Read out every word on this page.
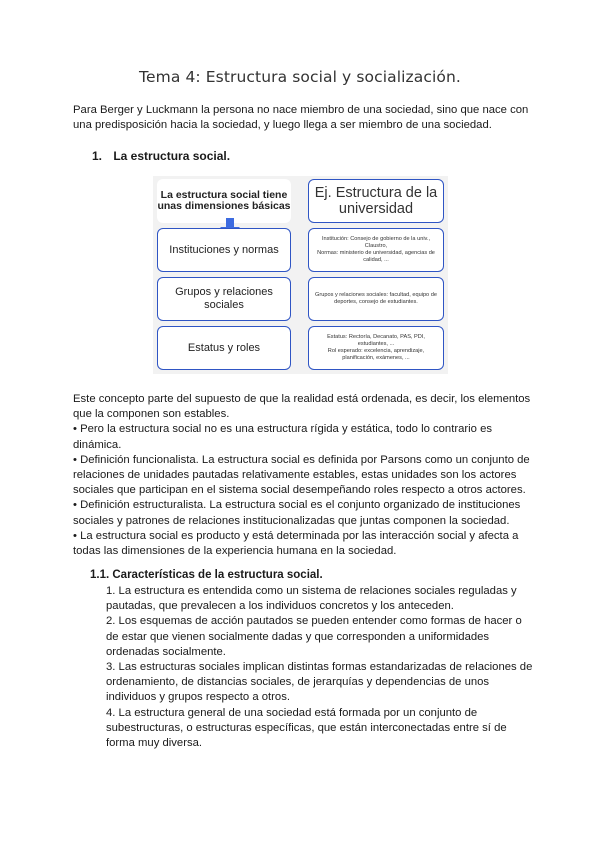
Tema 4: Estructura social y socialización.

Para Berger y Luckmann la persona no nace miembro de una sociedad, sino que nace con una predisposición hacia la sociedad, y luego llega a ser miembro de una sociedad.

1. La estructura social.
La estructura social tiene unas dimensiones básicas
Instituciones y normas
Grupos y relaciones sociales
Estatus y roles
Ej. Estructura de la universidad
Institución: Consejo de gobierno de la univ., Claustro,
Normas: ministerio de universidad, agencias de calidad, ...
Grupos y relaciones sociales: facultad, equipo de deportes, consejo de estudiantes.
Estatus: Rectoría, Decanato, PAS, PDI, estudiantes, ...
Rol esperado: excelencia, aprendizaje, planificación, exámenes, ...
Este concepto parte del supuesto de que la realidad está ordenada, es decir, los elementos que la componen son estables.
• Pero la estructura social no es una estructura rígida y estática, todo lo contrario es dinámica.
• Definición funcionalista. La estructura social es definida por Parsons como un conjunto de relaciones de unidades pautadas relativamente estables, estas unidades son los actores sociales que participan en el sistema social desempeñando roles respecto a otros actores.
• Definición estructuralista. La estructura social es el conjunto organizado de instituciones sociales y patrones de relaciones institucionalizadas que juntas componen la sociedad.
• La estructura social es producto y está determinada por las interacción social y afecta a todas las dimensiones de la experiencia humana en la sociedad.
1.1. Características de la estructura social.
1. La estructura es entendida como un sistema de relaciones sociales reguladas y pautadas, que prevalecen a los individuos concretos y los anteceden.
2. Los esquemas de acción pautados se pueden entender como formas de hacer o de estar que vienen socialmente dadas y que corresponden a uniformidades ordenadas socialmente.
3. Las estructuras sociales implican distintas formas estandarizadas de relaciones de ordenamiento, de distancias sociales, de jerarquías y dependencias de unos individuos y grupos respecto a otros.
4. La estructura general de una sociedad está formada por un conjunto de subestructuras, o estructuras específicas, que están interconectadas entre sí de forma muy diversa.
